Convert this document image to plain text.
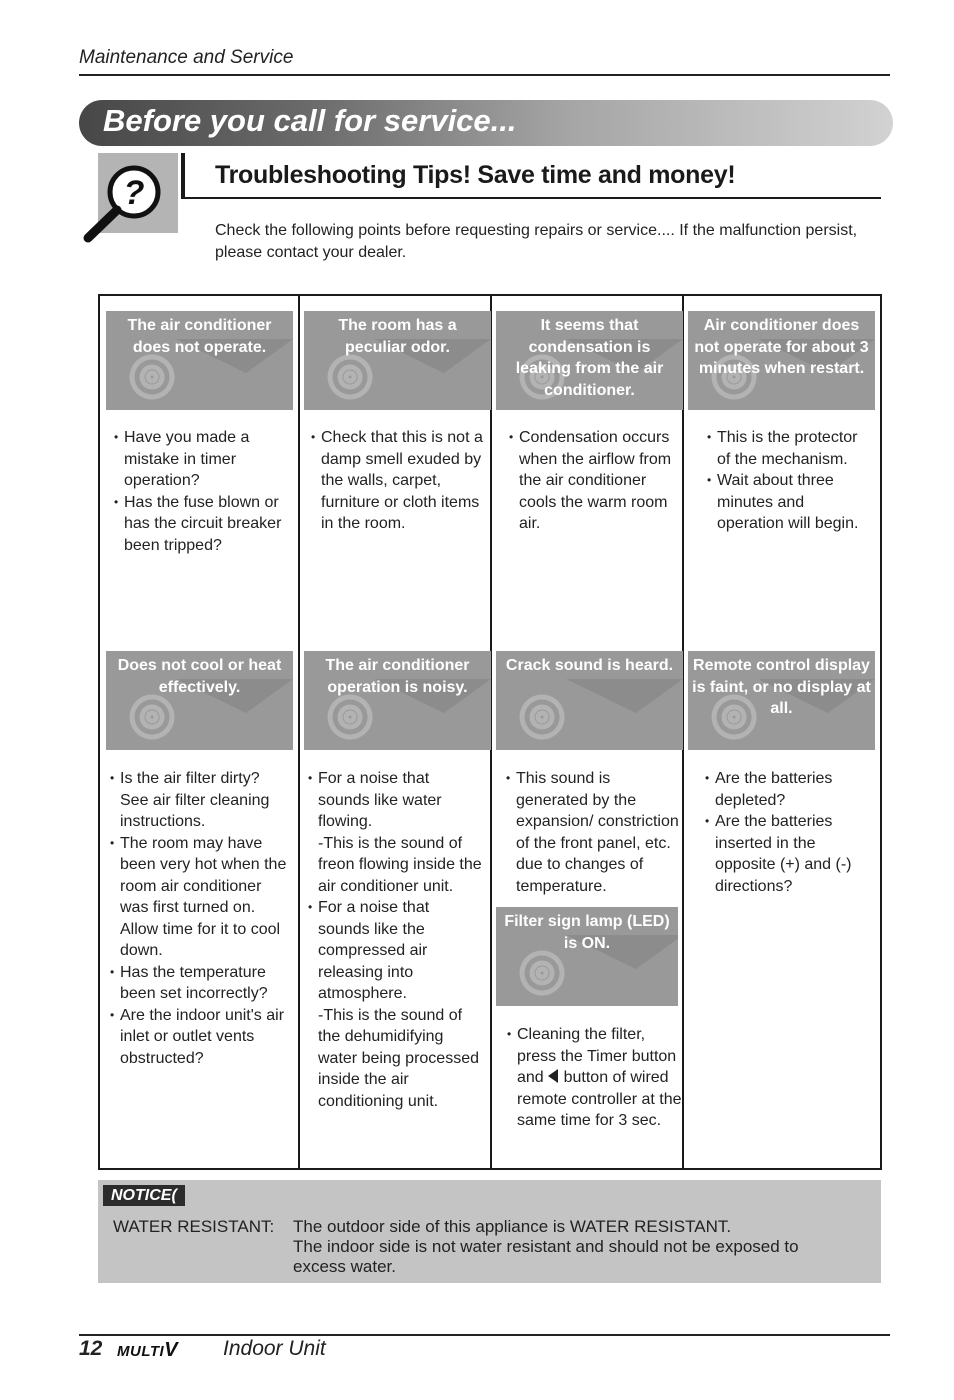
Maintenance and Service
Before you call for service...
?	Troubleshooting Tips! Save time and money!
Check the following points before requesting repairs or service.... If the malfunction persist, please contact your dealer.
The air conditioner does not operate.
The room has a peculiar odor.
It seems that condensation is leaking from the air conditioner.
Air conditioner does not operate for about 3 minutes when restart.
• Have you made a mistake in timer operation?
• Has the fuse blown or has the circuit breaker been tripped?
• Check that this is not a damp smell exuded by the walls, carpet, furniture or cloth items in the room.
• Condensation occurs when the airflow from the air conditioner cools the warm room air.
• This is the protector of the mechanism.
• Wait about three minutes and operation will begin.
Does not cool or heat effectively.
The air conditioner operation is noisy.
Crack sound is heard.	Remote control display is faint, or no display at all.
• Is the air filter dirty? See air filter cleaning instructions.
• The room may have been very hot when the room air conditioner was first turned on. Allow time for it to cool down.
• Has the temperature been set incorrectly?
• Are the indoor unit's air inlet or outlet vents obstructed?
• For a noise that sounds like water flowing.
-This is the sound of freon flowing inside the air conditioner unit.
• For a noise that sounds like the compressed air releasing into atmosphere.
-This is the sound of the dehumidifying water being processed inside the air conditioning unit.
• This sound is generated by the expansion/ constriction of the front panel, etc. due to changes of temperature.
• Are the batteries depleted?
• Are the batteries inserted in the opposite (+) and (-) directions?
Filter sign lamp (LED) is ON.
• Cleaning the filter, press the Timer button and button of wired remote controller at the same time for 3 sec.
NOTICE(
WATER RESISTANT: The outdoor side of this appliance is WATER RESISTANT.
The indoor side is not water resistant and should not be exposed to excess water.
12 MULTIV Indoor Unit
